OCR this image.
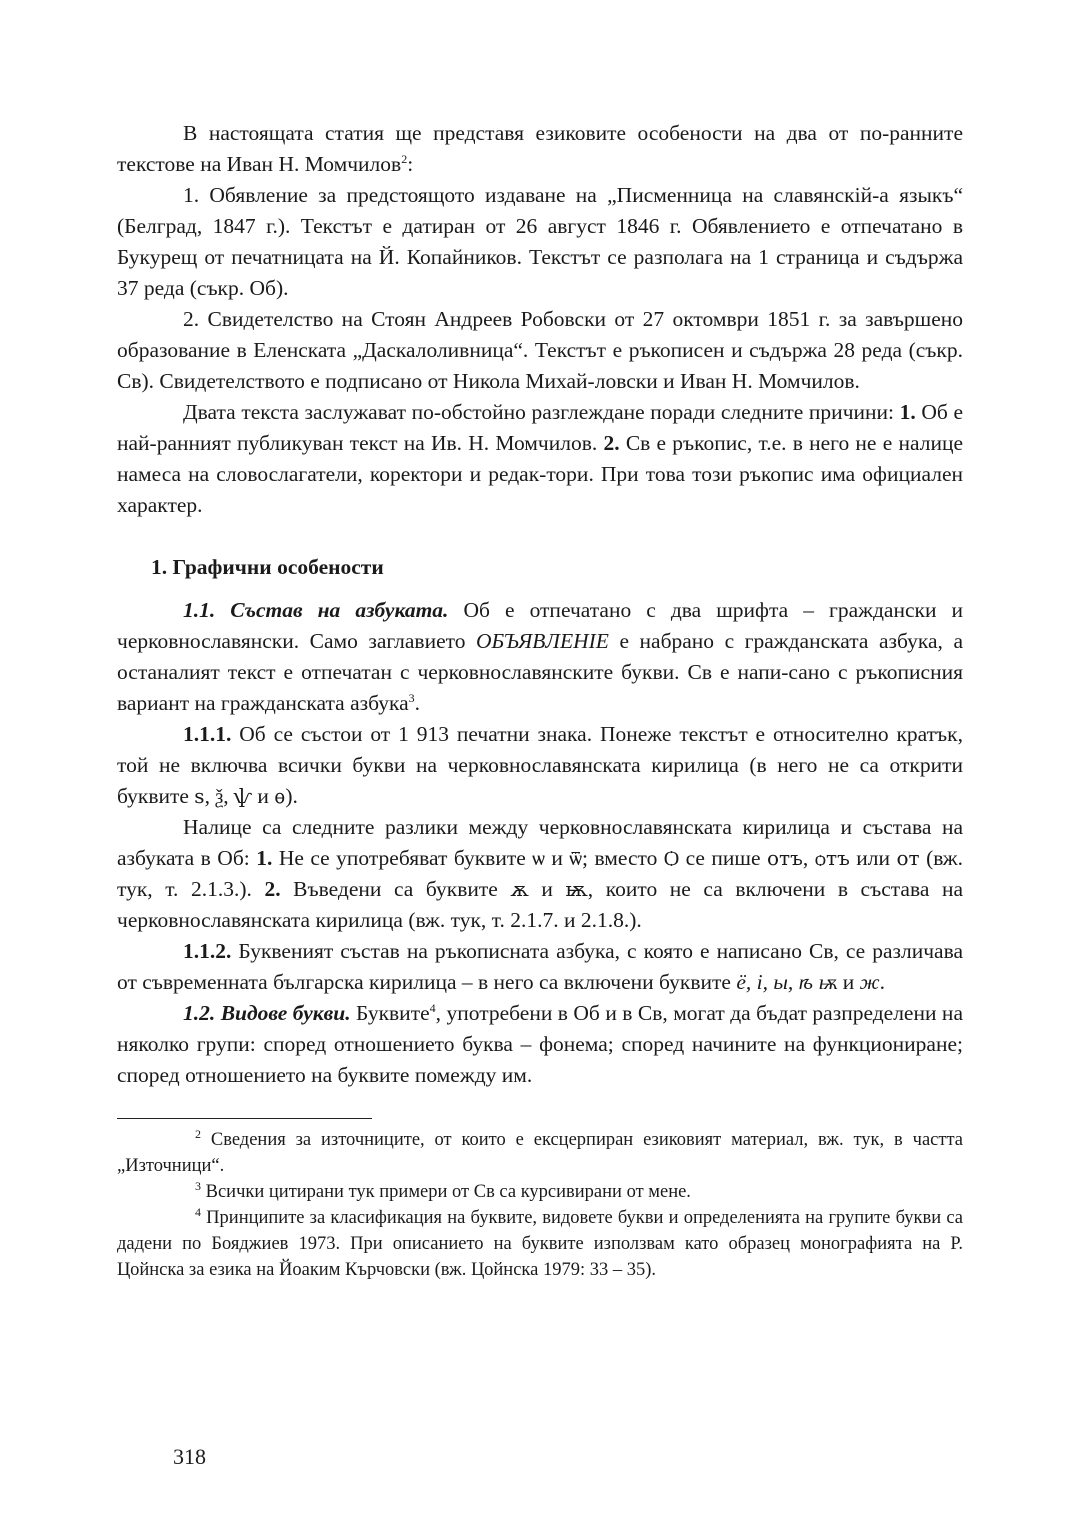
В настоящата статия ще представя езиковите особености на два от по-ранните текстове на Иван Н. Момчилов$^2$:

1. Обявление за предстоящото издаване на „Писменница на славянскій-а языкъ“ (Белград, 1847 г.). Текстът е датиран от 26 август 1846 г. Обявлението е отпечатано в Букурещ от печатницата на Й. Копайников. Текстът се разполага на 1 страница и съдържа 37 реда (съкр. Об).

2. Свидетелство на Стоян Андреев Робовски от 27 октомври 1851 г. за завършено образование в Еленската „Даскалоливница“. Текстът е ръкописен и съдържа 28 реда (съкр. Св). Свидетелството е подписано от Никола Михай-ловски и Иван Н. Момчилов.

Двата текста заслужават по-обстойно разглеждане поради следните причини: 1. Об е най-ранният публикуван текст на Ив. Н. Момчилов. 2. Св е ръкопис, т.е. в него не е налице намеса на словослагатели, коректори и редак-тори. При това този ръкопис има официален характер.

1. Графични особености

1.1. Състав на азбуката. Об е отпечатано с два шрифта – граждански и черковнославянски. Само заглавието ОБЪЯВЛЕНІЕ е набрано с гражданската азбука, а останалият текст е отпечатан с черковнославянските букви. Св е напи-сано с ръкописния вариант на гражданската азбука$^3$.

1.1.1. Об се състои от 1 913 печатни знака. Понеже текстът е относително кратък, той не включва всички букви на черковнославянската кирилица (в него не са открити буквите ѕ, ѯ, ѱ и ѳ).

Налице са следните разлики между черковнославянската кирилица и състава на азбуката в Об: 1. Не се употребяват буквите ѡ и ѿ; вместо Ѻ се пише отъ, ѻтъ или от (вж. тук, т. 2.1.3.). 2. Въведени са буквите ѫ и ѭ, които не са включени в състава на черковнославянската кирилица (вж. тук, т. 2.1.7. и 2.1.8.).

1.1.2. Буквеният състав на ръкописната азбука, с която е написано Св, се различава от съвременната българска кирилица – в него са включени буквите ё, і, ы, ѣ ѭ и ж.

1.2. Видове букви. Буквите$^4$, употребени в Об и в Св, могат да бъдат разпределени на няколко групи: според отношението буква – фонема; според начините на функциониране; според отношението на буквите помежду им.

$^2$ Сведения за източниците, от които е ексцерпиран езиковият материал, вж. тук, в частта „Източници“.

$^3$ Всички цитирани тук примери от Св са курсивирани от мене.

$^4$ Принципите за класификация на буквите, видовете букви и определенията на групите букви са дадени по Бояджиев 1973. При описанието на буквите използвам като образец монографията на Р. Цойнска за езика на Йоаким Кърчовски (вж. Цойнска 1979: 33 – 35).

318
